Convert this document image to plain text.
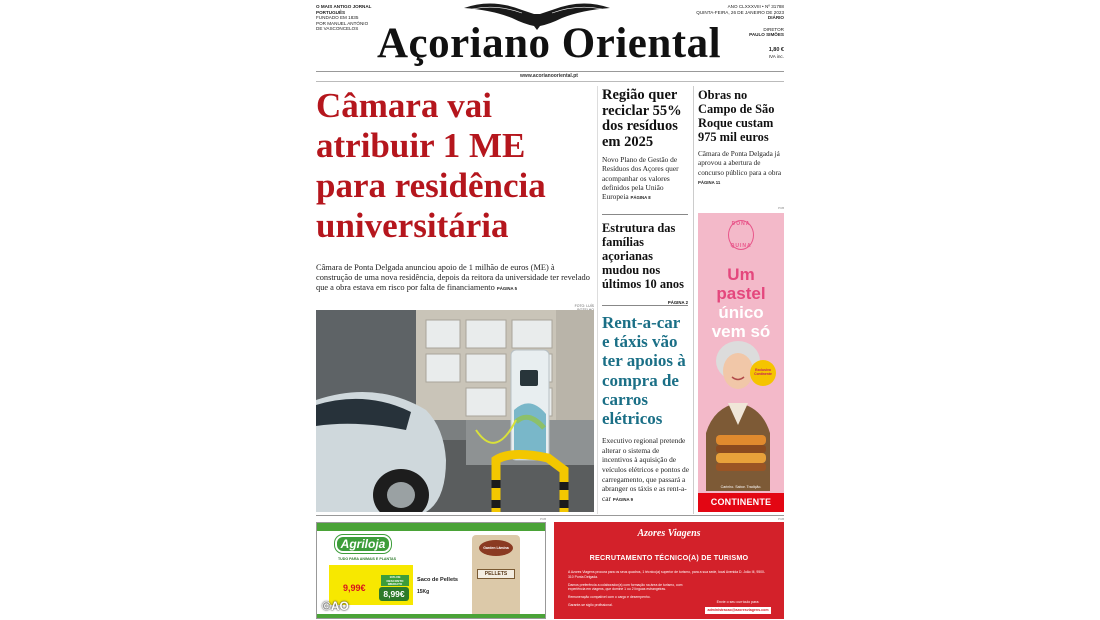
O MAIS ANTIGO JORNAL PORTUGUÊS
FUNDADO EM 1835
POR MANUEL ANTÓNIO
DE VASCONCELOS Açoriano Oriental
ANO CLXXXVIII • Nº 31788
QUINTA-FEIRA, 26 DE JANEIRO DE 2023
DIÁRIO
DIRETOR
PAULO SIMÕES
1,80 €
IVA inc.
www.acorianooriental.pt
Câmara vai atribuir 1 ME para residência universitária
Câmara de Ponta Delgada anunciou apoio de 1 milhão de euros (ME) à construção de uma nova residência, depois da reitora da universidade ter revelado que a obra estava em risco por falta de financiamento PÁGINA 5
FOTO: LUÍS
Região quer reciclar 55% dos resíduos em 2025
Novo Plano de Gestão de Resíduos dos Açores quer acompanhar os valores definidos pela União Europeia PÁGINA 8
Estrutura das famílias açorianas mudou nos últimos 10 anos
PÁGINA 2
Rent-a-car e táxis vão ter apoios à compra de carros elétricos
Executivo regional pretende alterar o sistema de incentivos à aquisição de veículos elétricos e pontos de carregamento, que passará a abranger os táxis e as rent-a-car PÁGINA 9
Obras no Campo de São Roque custam 975 mil euros
Câmara de Ponta Delgada já aprovou a abertura de concurso público para a obra PÁGINA 11
PUB
DONA
QUINA
Um
pastel
único
vem só
Exclusivo Continente
Carinho. Sabor. Tradição.
CONTINENTE
PUB	PUB
Agriloja
TUDO PARA ANIMAIS E PLANTAS
9,99€
10% DE DESCONTO IMEDIATO
8,99€
Saco de Pellets
15Kg
Garden Lâmina
PELLETS
©AO
Azores Viagens
RECRUTAMENTO TÉCNICO(A) DE TURISMO

A Azores Viagens procura para os seus quadros, 1 técnico(a) superior de turismo, para a sua sede, local Avenida D. João III, 9500-310 Ponta Delgada.

Damos preferência a colaborador(a) com formação na área de turismo, com experiência em viagens, que domine 1 ou 2 línguas estrangeiras.

Remuneração compatível com o cargo e desempenho.

Garante-se sigilo profissional.

Envie o seu currículo para:
administracao@azoresviagens.com
